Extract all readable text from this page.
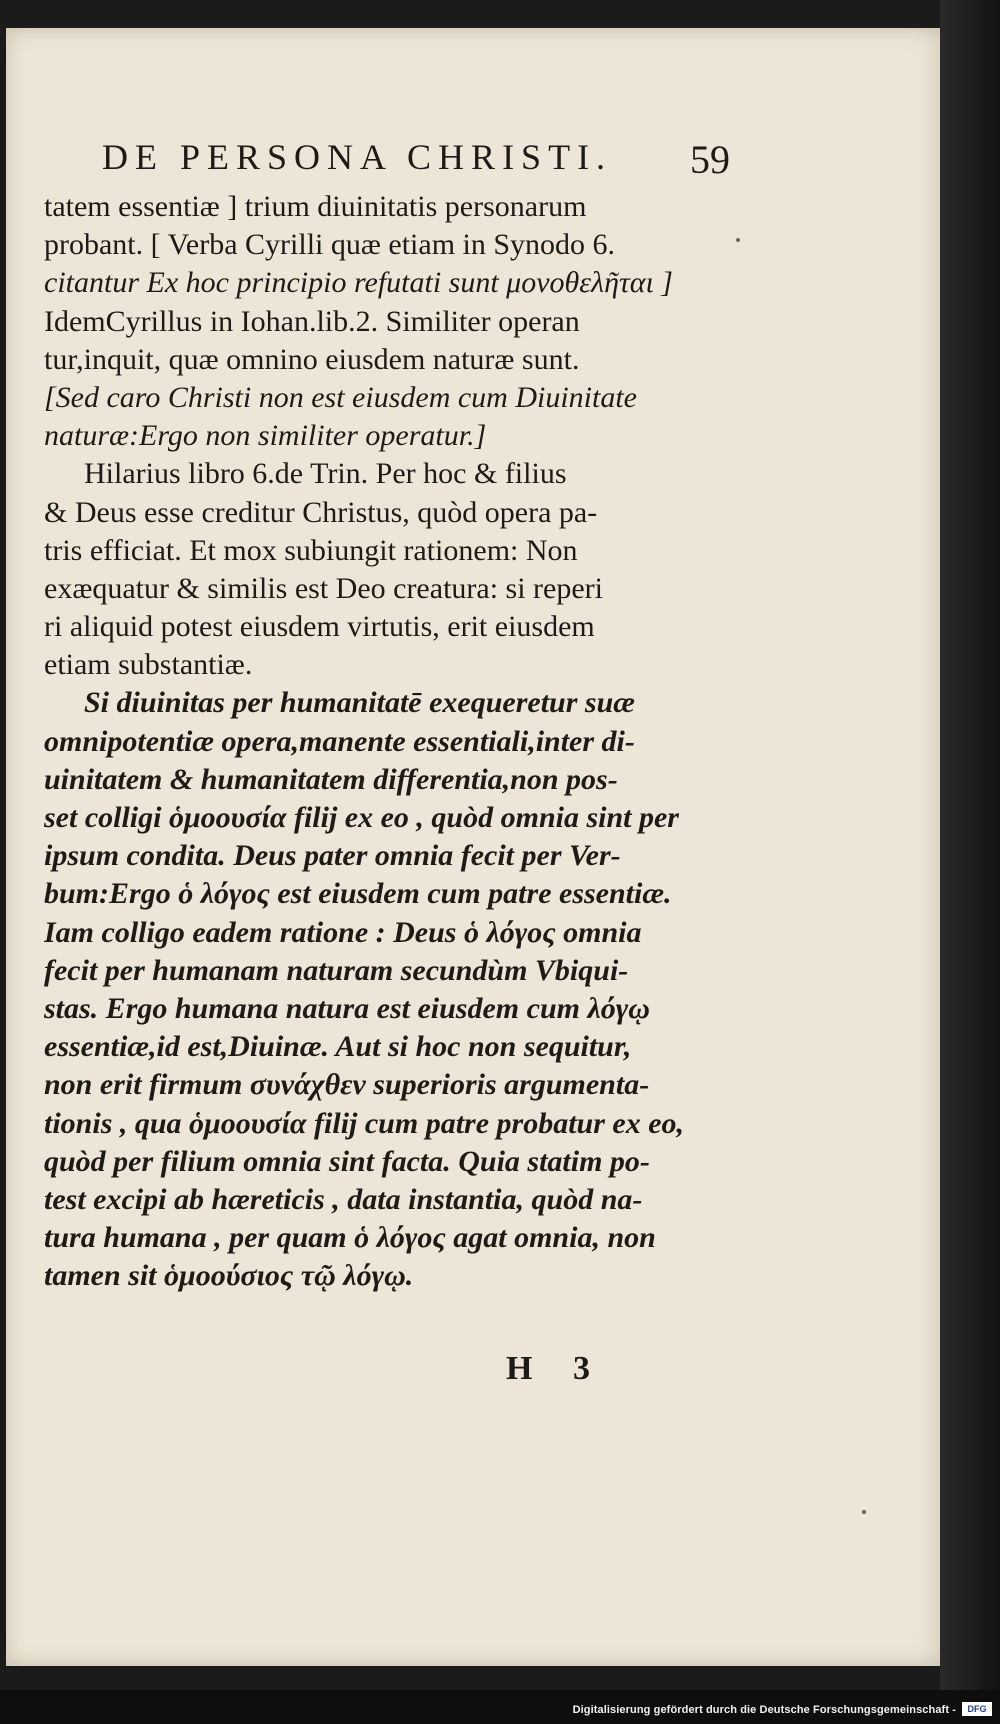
DE PERSONA CHRISTI. 59
tatem essentiæ ] trium diuinitatis personarum
probant. [ Verba Cyrilli quæ etiam in Synodo 6.
citantur Ex hoc principio refutati sunt μονοθελῆται ]
IdemCyrillus in Iohan.lib.2. Similiter operan
tur,inquit, quæ omnino eiusdem naturæ sunt.
[Sed caro Christi non est eiusdem cum Diuinitate
naturæ:Ergo non similiter operatur.]
Hilarius libro 6.de Trin. Per hoc & filius
& Deus esse creditur Christus, quòd opera pa-
tris efficiat. Et mox subiungit rationem: Non
exæquatur & similis est Deo creatura: si reperi
ri aliquid potest eiusdem virtutis, erit eiusdem
etiam substantiæ.
Si diuinitas per humanitatē exequeretur suæ
omnipotentiæ opera,manente essentiali,inter di-
uinitatem & humanitatem differentia,non pos-
set colligi ὁμοουσία filij ex eo , quòd omnia sint per
ipsum condita. Deus pater omnia fecit per Ver-
bum:Ergo ὁ λόγος est eiusdem cum patre essentiæ.
Iam colligo eadem ratione : Deus ὁ λόγος omnia
fecit per humanam naturam secundùm Vbiqui-
stas. Ergo humana natura est eiusdem cum λόγῳ
essentiæ,id est,Diuinæ. Aut si hoc non sequitur,
non erit firmum συνάχθεν superioris argumenta-
tionis , qua ὁμοουσία filij cum patre probatur ex eo,
quòd per filium omnia sint facta. Quia statim po-
test excipi ab hæreticis , data instantia, quòd na-
tura humana , per quam ὁ λόγος agat omnia, non
tamen sit ὁμοούσιος τῷ λόγῳ.
H 3
Digitalisierung gefördert durch die Deutsche Forschungsgemeinschaft -	DFG
